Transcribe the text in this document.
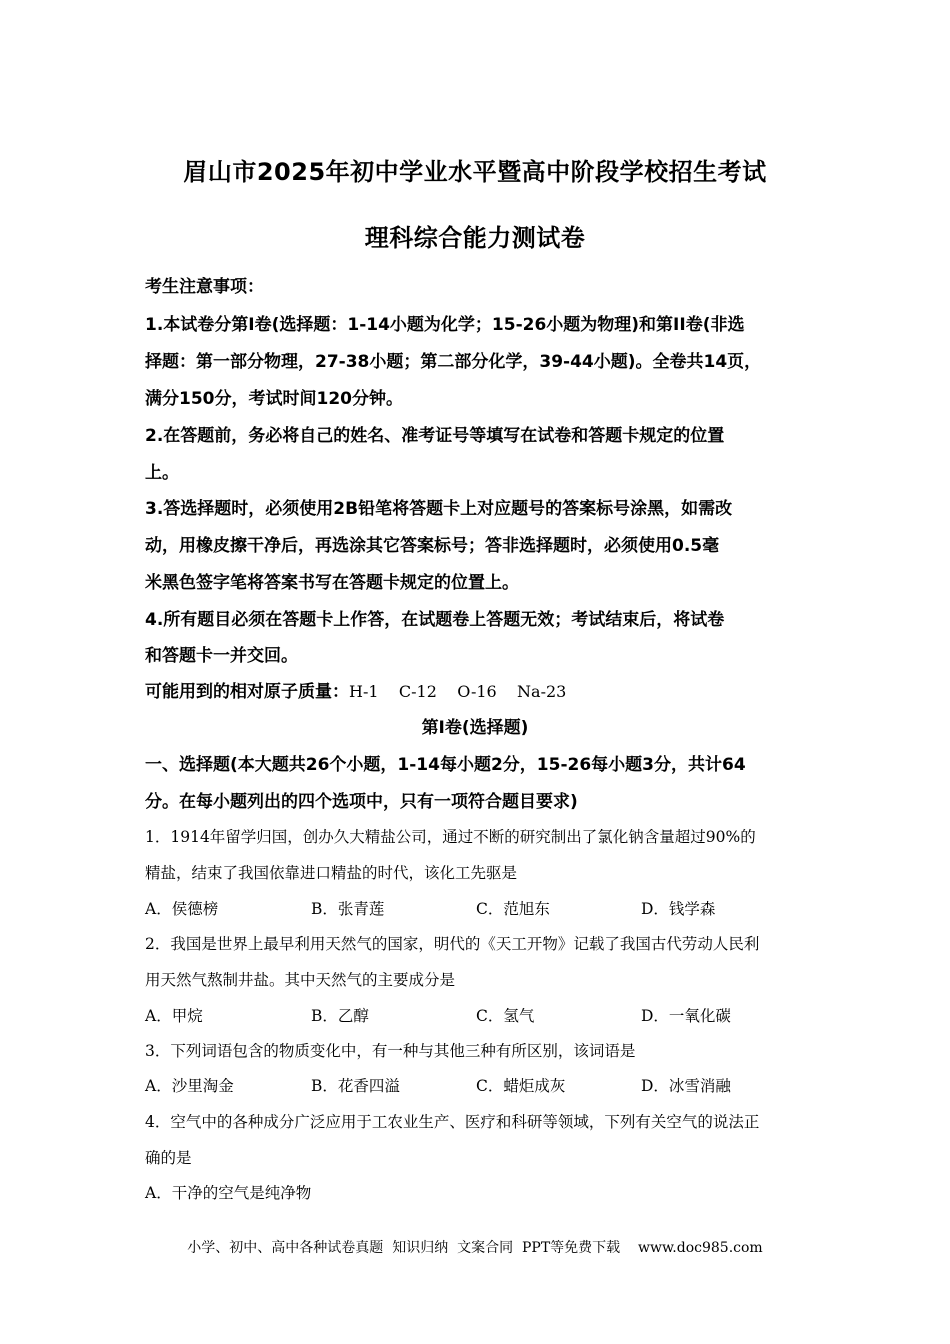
眉山市2025年初中学业水平暨高中阶段学校招生考试
理科综合能力测试卷
考生注意事项：
1.本试卷分第I卷(选择题：1-14小题为化学；15-26小题为物理)和第II卷(非选
择题：第一部分物理，27-38小题；第二部分化学，39-44小题)。全卷共14页，
满分150分，考试时间120分钟。
2.在答题前，务必将自己的姓名、准考证号等填写在试卷和答题卡规定的位置
上。
3.答选择题时，必须使用2B铅笔将答题卡上对应题号的答案标号涂黑，如需改
动，用橡皮擦干净后，再选涂其它答案标号；答非选择题时，必须使用0.5毫
米黑色签字笔将答案书写在答题卡规定的位置上。
4.所有题目必须在答题卡上作答，在试题卷上答题无效；考试结束后，将试卷
和答题卡一并交回。
可能用到的相对原子质量：H-1    C-12    O-16    Na-23
第I卷(选择题)
一、选择题(本大题共26个小题，1-14每小题2分，15-26每小题3分，共计64
分。在每小题列出的四个选项中，只有一项符合题目要求)
1．1914年留学归国，创办久大精盐公司，通过不断的研究制出了氯化钠含量超过90%的
精盐，结束了我国依靠进口精盐的时代，该化工先驱是
A．侯德榜	B．张青莲	C．范旭东	D．钱学森
2．我国是世界上最早利用天然气的国家，明代的《天工开物》记载了我国古代劳动人民利
用天然气熬制井盐。其中天然气的主要成分是
A．甲烷	B．乙醇	C．氢气	D．一氧化碳
3．下列词语包含的物质变化中，有一种与其他三种有所区别，该词语是
A．沙里淘金	B．花香四溢	C．蜡炬成灰	D．冰雪消融
4．空气中的各种成分广泛应用于工农业生产、医疗和科研等领域，下列有关空气的说法正
确的是
A．干净的空气是纯净物
小学、初中、高中各种试卷真题  知识归纳  文案合同  PPT等免费下载 www.doc985.com
